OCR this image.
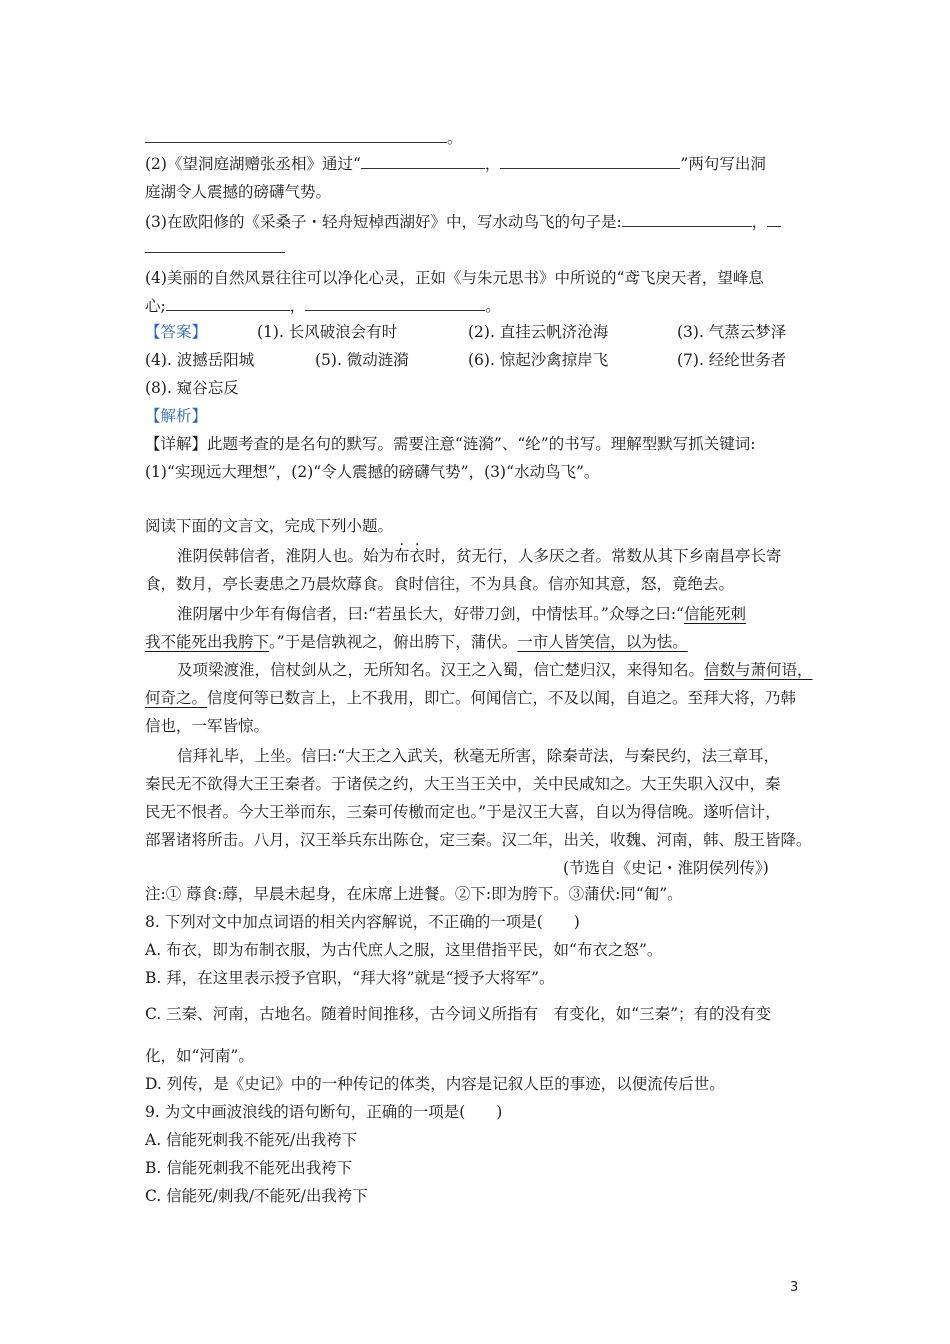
。
(2)《望洞庭湖赠张丞相》通过“	，	”两句写出洞
庭湖令人震撼的磅礴气势。
(3)在欧阳修的《采桑子・轻舟短棹西湖好》中，写水动鸟飞的句子是:	，
(4)美丽的自然风景往往可以净化心灵，正如《与朱元思书》中所说的“鸢飞戾天者，望峰息
心;	，	。
【答案】	(1). 长风破浪会有时	(2). 直挂云帆济沧海	(3). 气蒸云梦泽
(4). 波撼岳阳城	(5). 微动涟漪	(6). 惊起沙禽掠岸飞	(7). 经纶世务者
(8). 窥谷忘反
【解析】
【详解】此题考查的是名句的默写。需要注意“涟漪”、“纶”的书写。理解型默写抓关键词:
(1)“实现远大理想”，(2)“令人震撼的磅礴气势”，(3)“水动鸟飞”。
阅读下面的文言文，完成下列小题。
淮阴侯韩信者，淮阴人也。始为布衣时，贫无行，人多厌之者。常数从其下乡南昌亭长寄
食，数月，亭长妻患之乃晨炊蓐食。食时信往，不为具食。信亦知其意，怒，竟绝去。
淮阴屠中少年有侮信者，曰:“若虽长大，好带刀剑，中情怯耳。”众辱之曰:“信能死刺
我不能死出我胯下。”于是信孰视之，俯出胯下，蒲伏。一市人皆笑信，以为怯。
及项梁渡淮，信杖剑从之，无所知名。汉王之入蜀，信亡楚归汉，来得知名。信数与萧何语，
何奇之。信度何等已数言上，上不我用，即亡。何闻信亡，不及以闻，自追之。至拜大将，乃韩
信也，一军皆惊。
信拜礼毕，上坐。信曰:“大王之入武关，秋毫无所害，除秦苛法，与秦民约，法三章耳，
秦民无不欲得大王王秦者。于诸侯之约，大王当王关中，关中民咸知之。大王失职入汉中，秦
民无不恨者。今大王举而东，三秦可传檄而定也。”于是汉王大喜，自以为得信晚。遂听信计，
部署诸将所击。八月，汉王举兵东出陈仓，定三秦。汉二年，出关，收魏、河南，韩、殷王皆降。
(节选自《史记・淮阴侯列传》)
注:① 蓐食:蓐，早晨未起身，在床席上进餐。②下:即为胯下。③蒲伏:同“匍”。
8. 下列对文中加点词语的相关内容解说，不正确的一项是(　　)
A. 布衣，即为布制衣服，为古代庶人之服，这里借指平民，如“布衣之怒”。
B. 拜，在这里表示授予官职，“拜大将”就是“授予大将军”。
C. 三秦、河南，古地名。随着时间推移，古今词义所指有　有变化，如“三秦”；有的没有变
化，如“河南”。
D. 列传，是《史记》中的一种传记的体类，内容是记叙人臣的事迹，以便流传后世。
9. 为文中画波浪线的语句断句，正确的一项是(　　)
A. 信能死刺我不能死/出我袴下
B. 信能死刺我不能死出我袴下
C. 信能死/刺我/不能死/出我袴下
3
